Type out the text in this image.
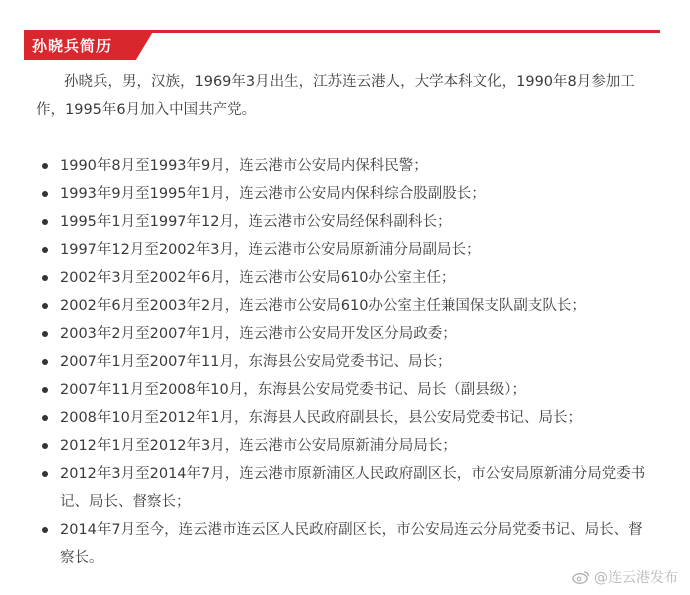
孙晓兵简历
孙晓兵，男，汉族，1969年3月出生，江苏连云港人，大学本科文化，1990年8月参加工作，1995年6月加入中国共产党。
1990年8月至1993年9月，连云港市公安局内保科民警；
1993年9月至1995年1月，连云港市公安局内保科综合股副股长；
1995年1月至1997年12月，连云港市公安局经保科副科长；
1997年12月至2002年3月，连云港市公安局原新浦分局副局长；
2002年3月至2002年6月，连云港市公安局610办公室主任；
2002年6月至2003年2月，连云港市公安局610办公室主任兼国保支队副支队长；
2003年2月至2007年1月，连云港市公安局开发区分局政委；
2007年1月至2007年11月，东海县公安局党委书记、局长；
2007年11月至2008年10月，东海县公安局党委书记、局长（副县级）；
2008年10月至2012年1月，东海县人民政府副县长，县公安局党委书记、局长；
2012年1月至2012年3月，连云港市公安局原新浦分局局长；
2012年3月至2014年7月，连云港市原新浦区人民政府副区长，市公安局原新浦分局党委书记、局长、督察长；
2014年7月至今，连云港市连云区人民政府副区长，市公安局连云分局党委书记、局长、督察长。
@连云港发布
